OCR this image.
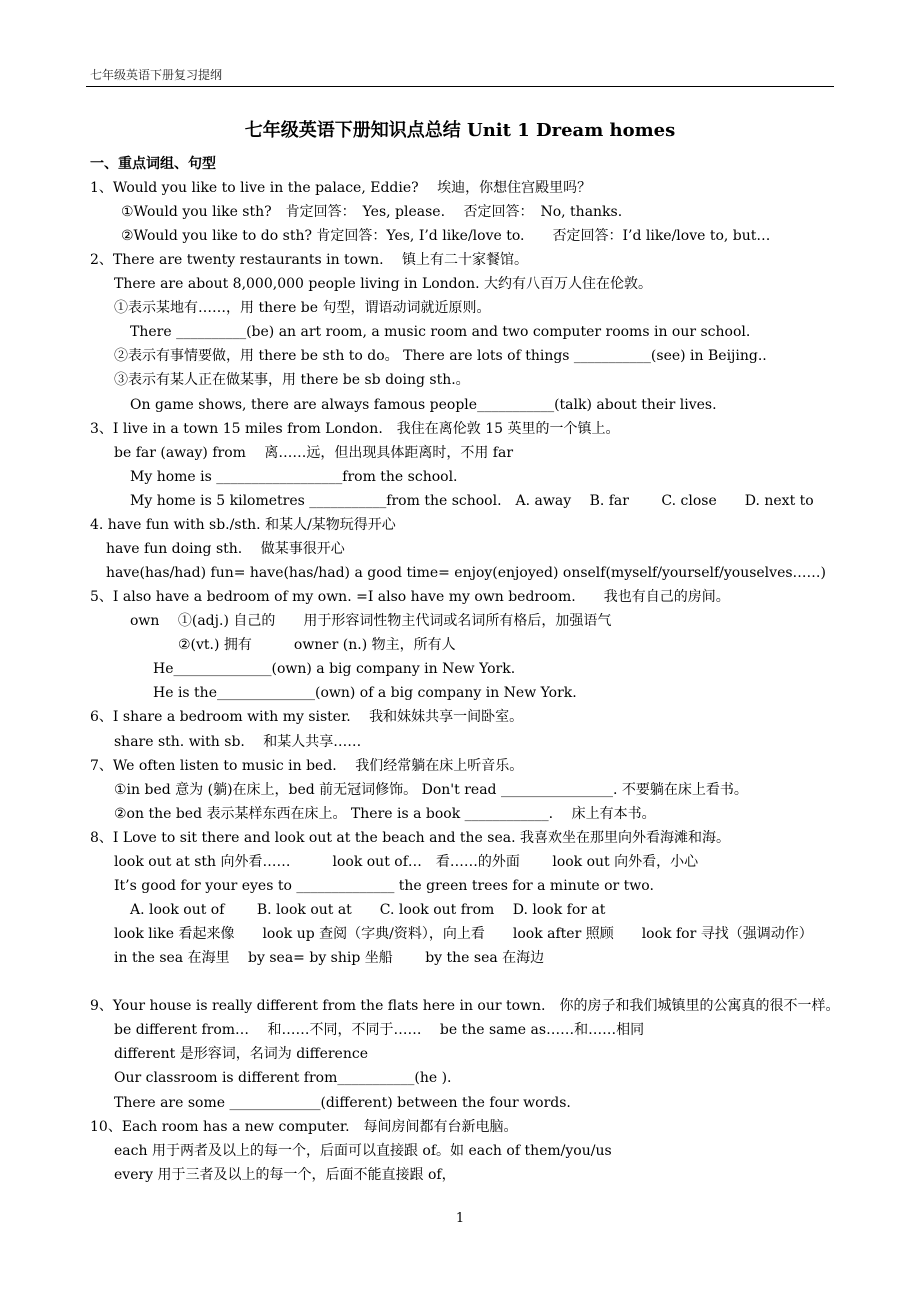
七年级英语下册复习提纲
七年级英语下册知识点总结 Unit 1 Dream homes
一、重点词组、句型
1、Would you like to live in the palace, Eddie?　 埃迪，你想住宫殿里吗？
①Would you like sth?　肯定回答：　Yes, please.　 否定回答：　No, thanks.
②Would you like to do sth? 肯定回答：Yes, I’d like/love to.　　否定回答：I’d like/love to, but…
2、There are twenty restaurants in town.　 镇上有二十家餐馆。
There are about 8,000,000 people living in London. 大约有八百万人住在伦敦。
①表示某地有……，用 there be 句型，谓语动词就近原则。
There __________(be) an art room, a music room and two computer rooms in our school.
②表示有事情要做，用 there be sth to do。 There are lots of things ___________(see) in Beijing..
③表示有某人正在做某事，用 there be sb doing sth.。
On game shows, there are always famous people___________(talk) about their lives.
3、I live in a town 15 miles from London.　我住在离伦敦 15 英里的一个镇上。
be far (away) from　 离……远，但出现具体距离时，不用 far
My home is __________________from the school.
My home is 5 kilometres ___________from the school.　A. away　 B. far　　 C. close　　D. next to
4. have fun with sb./sth. 和某人/某物玩得开心
have fun doing sth.　 做某事很开心
have(has/had) fun= have(has/had) a good time= enjoy(enjoyed) onself(myself/yourself/youselves……)
5、I also have a bedroom of my own. =I also have my own bedroom.　　我也有自己的房间。
own　 ①(adj.) 自己的　　用于形容词性物主代词或名词所有格后，加强语气
②(vt.) 拥有　　　owner (n.) 物主，所有人
He______________(own) a big company in New York.
He is the______________(own) of a big company in New York.
6、I share a bedroom with my sister.　 我和妹妹共享一间卧室。
share sth. with sb.　 和某人共享……
7、We often listen to music in bed.　 我们经常躺在床上听音乐。
①in bed 意为 (躺)在床上，bed 前无冠词修饰。 Don't read ________________. 不要躺在床上看书。
②on the bed 表示某样东西在床上。 There is a book ____________.　 床上有本书。
8、I Love to sit there and look out at the beach and the sea. 我喜欢坐在那里向外看海滩和海。
look out at sth 向外看……　　　look out of…　看……的外面　　 look out 向外看，小心
It’s good for your eyes to ______________ the green trees for a minute or two.
A. look out of　　 B. look out at　　C. look out from　 D. look for at
look like 看起来像　　look up 查阅（字典/资料），向上看　　look after 照顾　　look for 寻找（强调动作）
in the sea 在海里　 by sea= by ship 坐船　　 by the sea 在海边
9、Your house is really different from the flats here in our town.　你的房子和我们城镇里的公寓真的很不一样。
be different from…　 和……不同，不同于……　 be the same as……和……相同
different 是形容词，名词为 difference
Our classroom is different from___________(he ).
There are some _____________(different) between the four words.
10、Each room has a new computer.　每间房间都有台新电脑。
each 用于两者及以上的每一个，后面可以直接跟 of。如 each of them/you/us
every 用于三者及以上的每一个，后面不能直接跟 of，
1
